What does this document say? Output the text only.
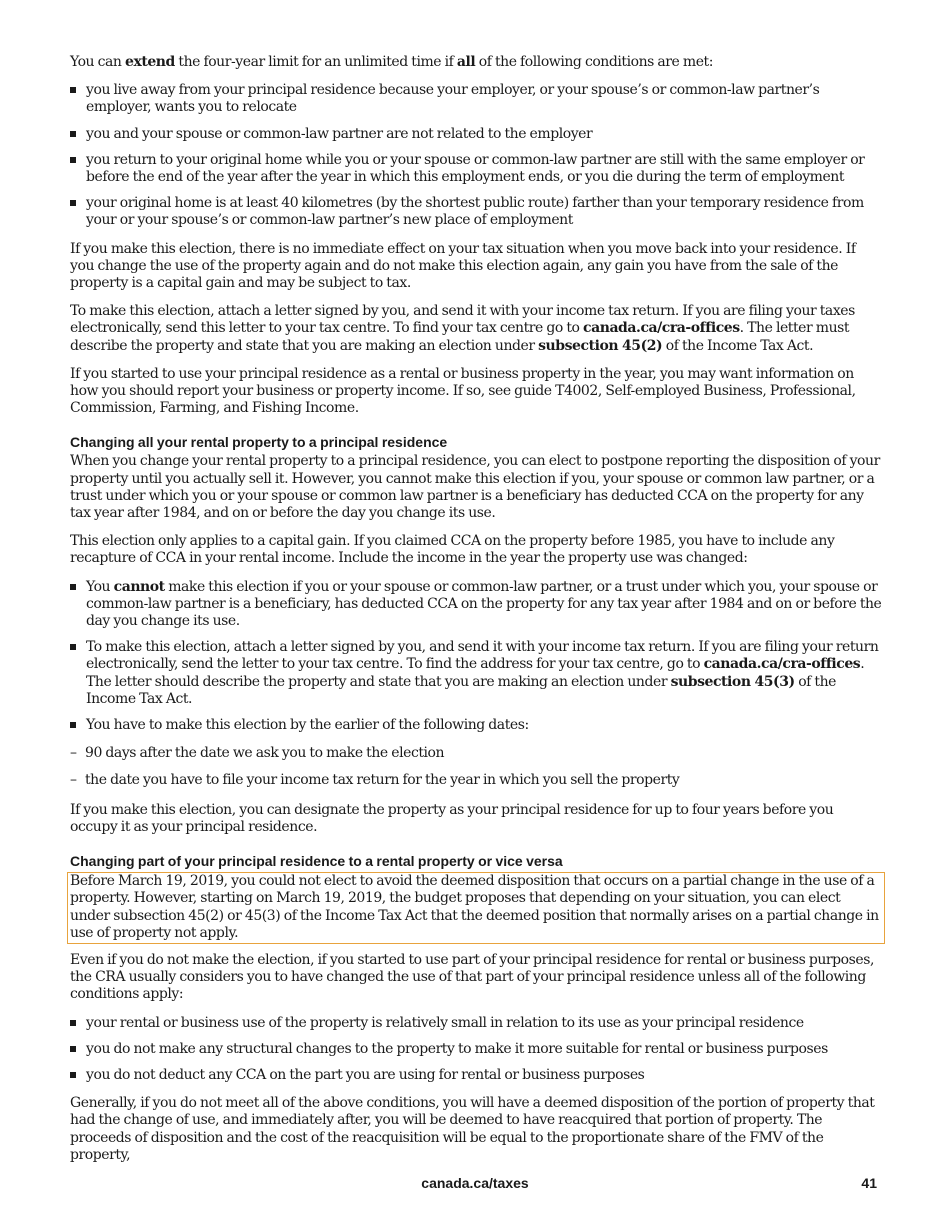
You can extend the four-year limit for an unlimited time if all of the following conditions are met:

you live away from your principal residence because your employer, or your spouse’s or common-law partner’s employer, wants you to relocate
you and your spouse or common-law partner are not related to the employer
you return to your original home while you or your spouse or common-law partner are still with the same employer or before the end of the year after the year in which this employment ends, or you die during the term of employment
your original home is at least 40 kilometres (by the shortest public route) farther than your temporary residence from your or your spouse’s or common-law partner’s new place of employment

If you make this election, there is no immediate effect on your tax situation when you move back into your residence. If you change the use of the property again and do not make this election again, any gain you have from the sale of the property is a capital gain and may be subject to tax.

To make this election, attach a letter signed by you, and send it with your income tax return. If you are filing your taxes electronically, send this letter to your tax centre. To find your tax centre go to canada.ca/cra-offices. The letter must describe the property and state that you are making an election under subsection 45(2) of the Income Tax Act.

If you started to use your principal residence as a rental or business property in the year, you may want information on how you should report your business or property income. If so, see guide T4002, Self-employed Business, Professional, Commission, Farming, and Fishing Income.

Changing all your rental property to a principal residence

When you change your rental property to a principal residence, you can elect to postpone reporting the disposition of your property until you actually sell it. However, you cannot make this election if you, your spouse or common law partner, or a trust under which you or your spouse or common law partner is a beneficiary has deducted CCA on the property for any tax year after 1984, and on or before the day you change its use.

This election only applies to a capital gain. If you claimed CCA on the property before 1985, you have to include any recapture of CCA in your rental income. Include the income in the year the property use was changed:

You cannot make this election if you or your spouse or common-law partner, or a trust under which you, your spouse or common-law partner is a beneficiary, has deducted CCA on the property for any tax year after 1984 and on or before the day you change its use.
To make this election, attach a letter signed by you, and send it with your income tax return. If you are filing your return electronically, send the letter to your tax centre. To find the address for your tax centre, go to canada.ca/cra-offices. The letter should describe the property and state that you are making an election under subsection 45(3) of the Income Tax Act.
You have to make this election by the earlier of the following dates:
– 90 days after the date we ask you to make the election
– the date you have to file your income tax return for the year in which you sell the property

If you make this election, you can designate the property as your principal residence for up to four years before you occupy it as your principal residence.

Changing part of your principal residence to a rental property or vice versa

Before March 19, 2019, you could not elect to avoid the deemed disposition that occurs on a partial change in the use of a property. However, starting on March 19, 2019, the budget proposes that depending on your situation, you can elect under subsection 45(2) or 45(3) of the Income Tax Act that the deemed position that normally arises on a partial change in use of property not apply.

Even if you do not make the election, if you started to use part of your principal residence for rental or business purposes, the CRA usually considers you to have changed the use of that part of your principal residence unless all of the following conditions apply:

your rental or business use of the property is relatively small in relation to its use as your principal residence
you do not make any structural changes to the property to make it more suitable for rental or business purposes
you do not deduct any CCA on the part you are using for rental or business purposes

Generally, if you do not meet all of the above conditions, you will have a deemed disposition of the portion of property that had the change of use, and immediately after, you will be deemed to have reacquired that portion of property. The proceeds of disposition and the cost of the reacquisition will be equal to the proportionate share of the FMV of the property,

canada.ca/taxes	41
